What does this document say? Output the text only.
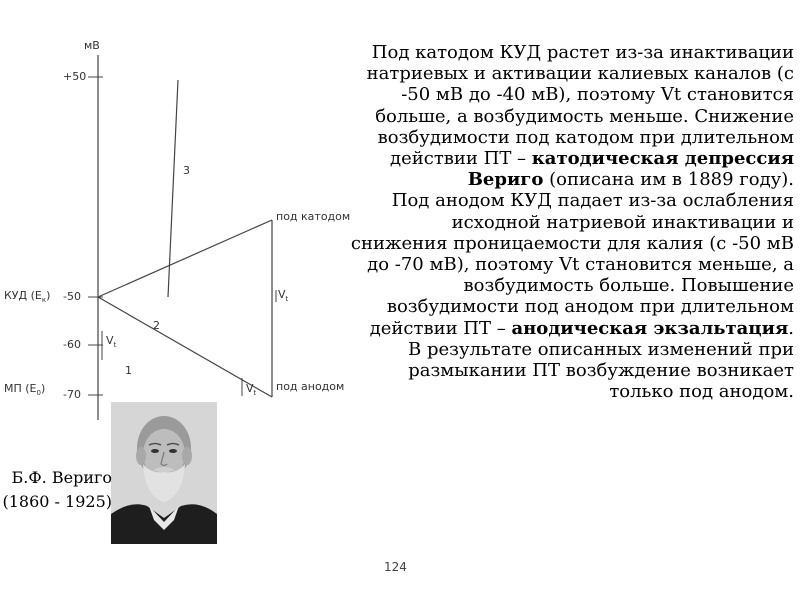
мВ
+50
-50
-60
-70
КУД $(E_к)$
МП $(E_0)$
$V_t$
$V_t$
$V_t$
1
2
3
под катодом
под анодом
Б.Ф. Вериго
(1860 - 1925)

Под катодом КУД растет из-за инактивации натриевых и активации калиевых каналов (с -50 мВ до -40 мВ), поэтому Vt становится больше, а возбудимость меньше. Снижение возбудимости под катодом при длительном действии ПТ – катодическая депрессия Вериго (описана им в 1889 году).

Под анодом КУД падает из-за ослабления исходной натриевой инактивации и снижения проницаемости для калия (с -50 мВ до -70 мВ), поэтому Vt становится меньше, а возбудимость больше. Повышение возбудимости под анодом при длительном действии ПТ – анодическая экзальтация.

В результате описанных изменений при размыкании ПТ возбуждение возникает только под анодом.

124
